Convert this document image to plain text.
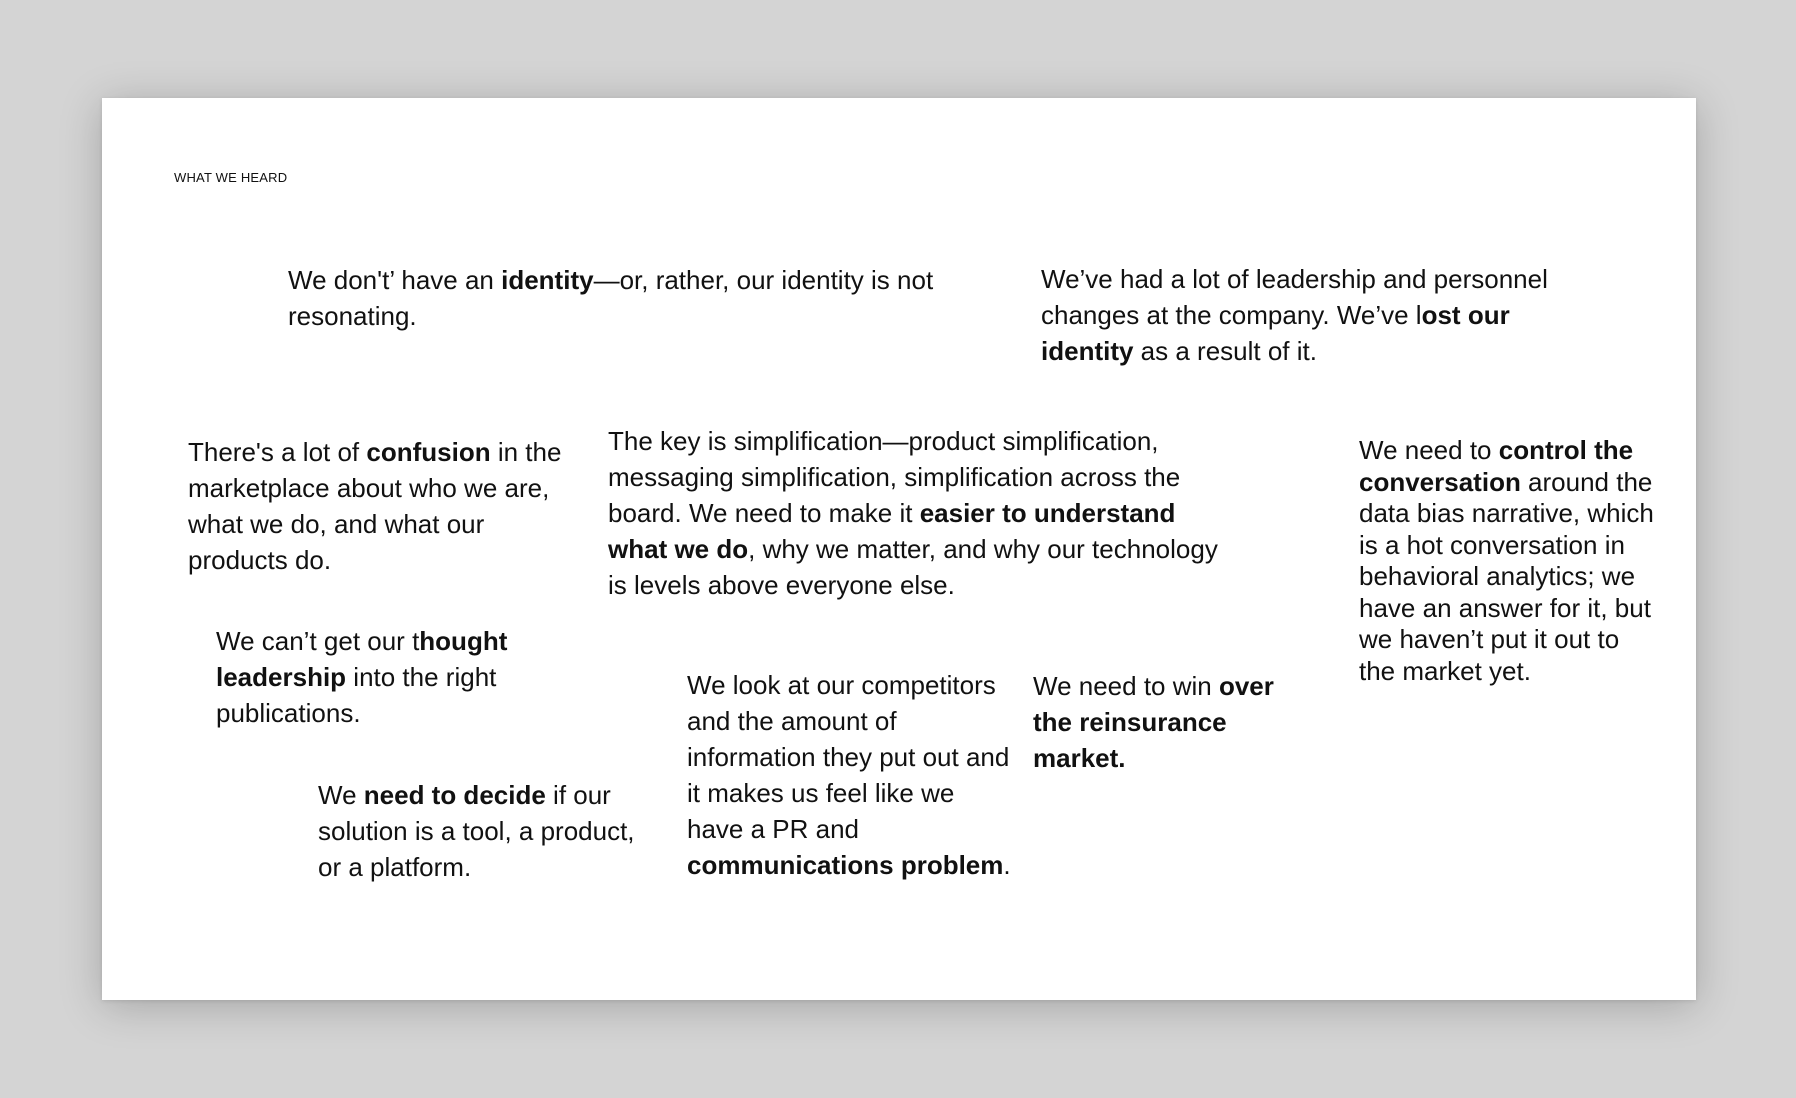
WHAT WE HEARD

We don't’ have an identity—or, rather, our identity is not resonating.

We’ve had a lot of leadership and personnel changes at the company. We’ve lost our identity as a result of it.

There's a lot of confusion in the marketplace about who we are, what we do, and what our products do.

The key is simplification—product simplification, messaging simplification, simplification across the board. We need to make it easier to understand what we do, why we matter, and why our technology is levels above everyone else.

We need to control the conversation around the data bias narrative, which is a hot conversation in behavioral analytics; we have an answer for it, but we haven’t put it out to the market yet.

We can’t get our thought leadership into the right publications.

We look at our competitors and the amount of information they put out and it makes us feel like we have a PR and communications problem.

We need to win over the reinsurance market.

We need to decide if our solution is a tool, a product, or a platform.
